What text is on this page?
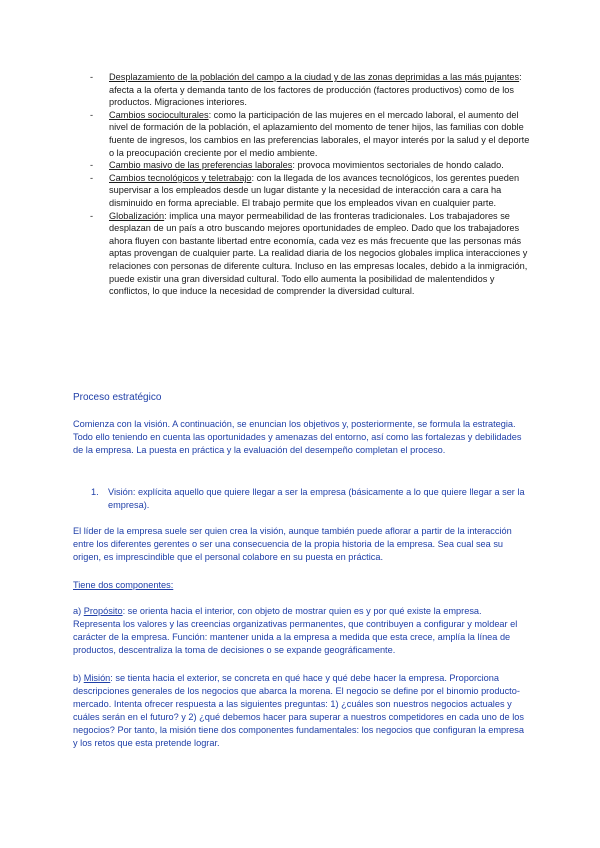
- Desplazamiento de la población del campo a la ciudad y de las zonas deprimidas a las más pujantes: afecta a la oferta y demanda tanto de los factores de producción (factores productivos) como de los productos. Migraciones interiores.
- Cambios socioculturales: como la participación de las mujeres en el mercado laboral, el aumento del nivel de formación de la población, el aplazamiento del momento de tener hijos, las familias con doble fuente de ingresos, los cambios en las preferencias laborales, el mayor interés por la salud y el deporte o la preocupación creciente por el medio ambiente.
- Cambio masivo de las preferencias laborales: provoca movimientos sectoriales de hondo calado.
- Cambios tecnológicos y teletrabajo: con la llegada de los avances tecnológicos, los gerentes pueden supervisar a los empleados desde un lugar distante y la necesidad de interacción cara a cara ha disminuido en forma apreciable. El trabajo permite que los empleados vivan en cualquier parte.
- Globalización: implica una mayor permeabilidad de las fronteras tradicionales. Los trabajadores se desplazan de un país a otro buscando mejores oportunidades de empleo. Dado que los trabajadores ahora fluyen con bastante libertad entre economía, cada vez es más frecuente que las personas más aptas provengan de cualquier parte. La realidad diaria de los negocios globales implica interacciones y relaciones con personas de diferente cultura. Incluso en las empresas locales, debido a la inmigración, puede existir una gran diversidad cultural. Todo ello aumenta la posibilidad de malentendidos y conflictos, lo que induce la necesidad de comprender la diversidad cultural.

Proceso estratégico

Comienza con la visión. A continuación, se enuncian los objetivos y, posteriormente, se formula la estrategia. Todo ello teniendo en cuenta las oportunidades y amenazas del entorno, así como las fortalezas y debilidades de la empresa. La puesta en práctica y la evaluación del desempeño completan el proceso.

1. Visión: explícita aquello que quiere llegar a ser la empresa (básicamente a lo que quiere llegar a ser la empresa).

El líder de la empresa suele ser quien crea la visión, aunque también puede aflorar a partir de la interacción entre los diferentes gerentes o ser una consecuencia de la propia historia de la empresa. Sea cual sea su origen, es imprescindible que el personal colabore en su puesta en práctica.

Tiene dos componentes:

a) Propósito: se orienta hacia el interior, con objeto de mostrar quien es y por qué existe la empresa. Representa los valores y las creencias organizativas permanentes, que contribuyen a configurar y moldear el carácter de la empresa. Función: mantener unida a la empresa a medida que esta crece, amplía la línea de productos, descentraliza la toma de decisiones o se expande geográficamente.

b) Misión: se tienta hacia el exterior, se concreta en qué hace y qué debe hacer la empresa. Proporciona descripciones generales de los negocios que abarca la morena. El negocio se define por el binomio producto-mercado. Intenta ofrecer respuesta a las siguientes preguntas: 1) ¿cuáles son nuestros negocios actuales y cuáles serán en el futuro? y 2) ¿qué debemos hacer para superar a nuestros competidores en cada uno de los negocios? Por tanto, la misión tiene dos componentes fundamentales: los negocios que configuran la empresa y los retos que esta pretende lograr.
